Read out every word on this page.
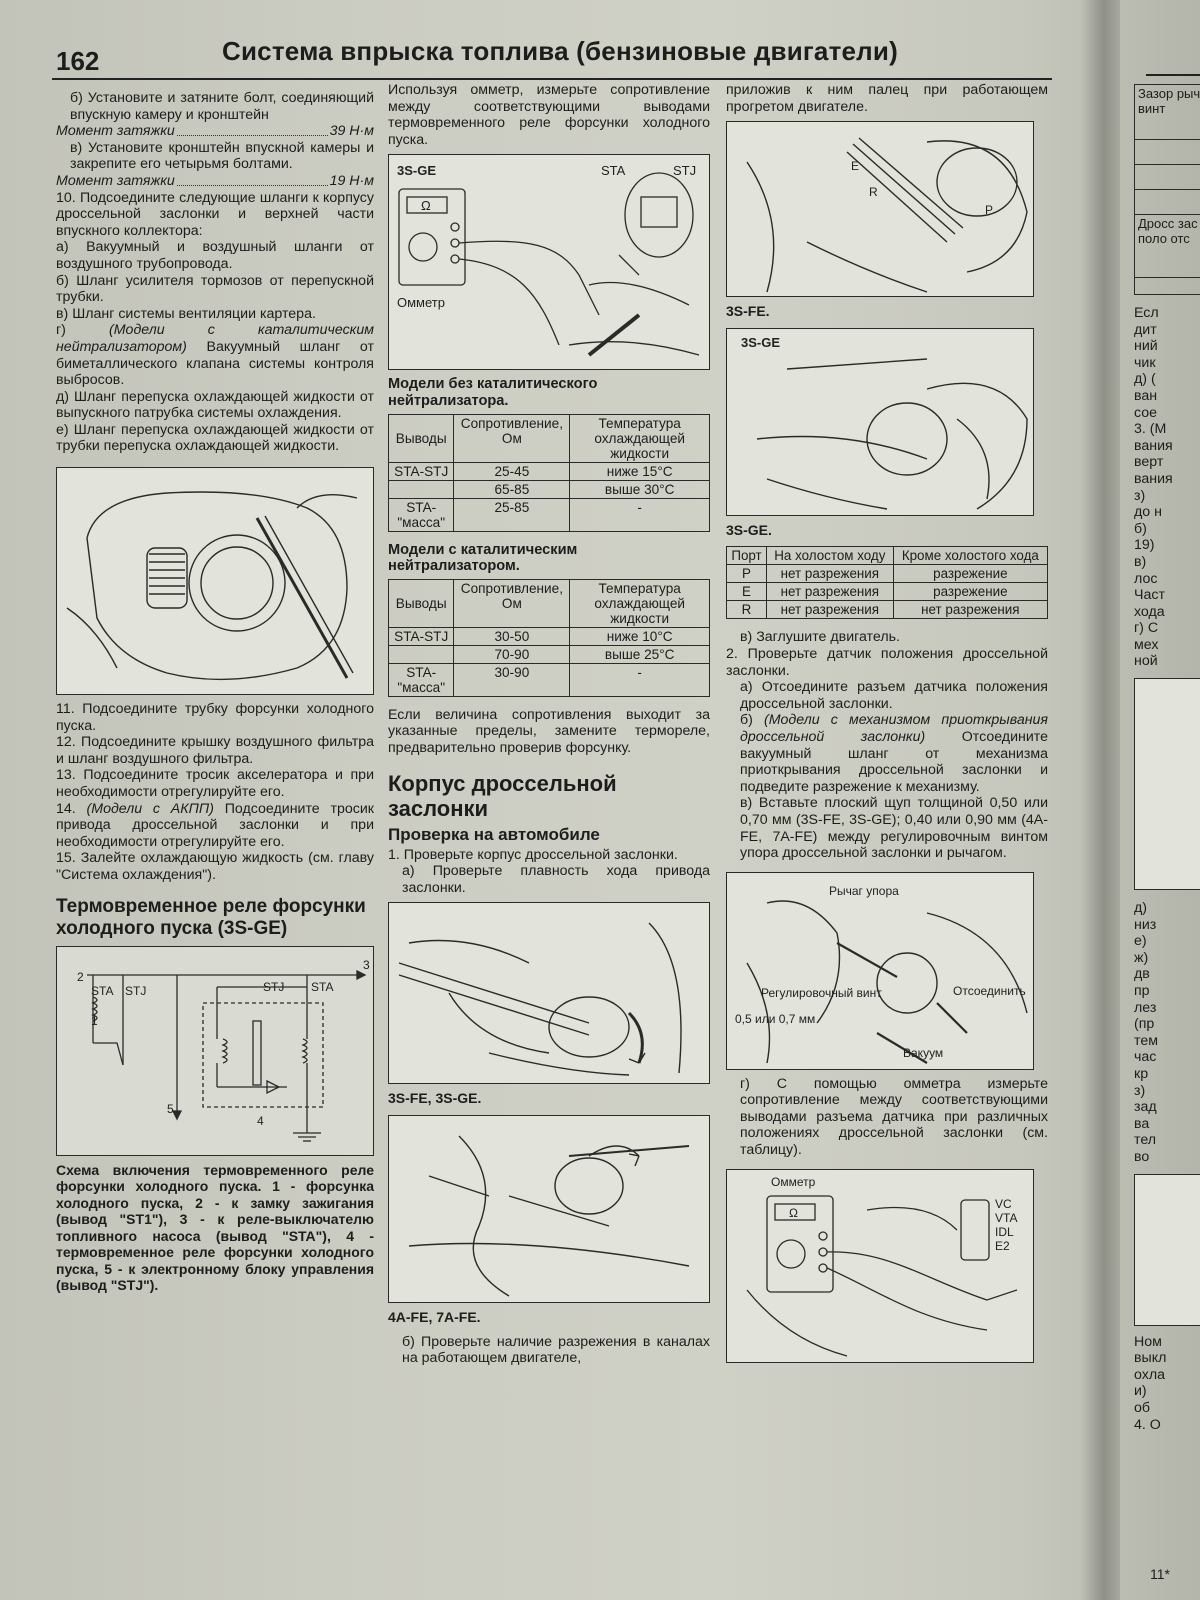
162	Система впрыска топлива (бензиновые двигатели)

б) Установите и затяните болт, соединяющий впускную камеру и кронштейн

Момент затяжки	39 Н·м

в) Установите кронштейн впускной камеры и закрепите его четырьмя болтами.

Момент затяжки	19 Н·м

10. Подсоедините следующие шланги к корпусу дроссельной заслонки и верхней части впускного коллектора:

а) Вакуумный и воздушный шланги от воздушного трубопровода.

б) Шланг усилителя тормозов от перепускной трубки.

в) Шланг системы вентиляции картера.

г) (Модели с каталитическим нейтрализатором) Вакуумный шланг от биметаллического клапана системы контроля выбросов.

д) Шланг перепуска охлаждающей жидкости от выпускного патрубка системы охлаждения.

е) Шланг перепуска охлаждающей жидкости от трубки перепуска охлаждающей жидкости.

11. Подсоедините трубку форсунки холодного пуска.

12. Подсоедините крышку воздушного фильтра и шланг воздушного фильтра.

13. Подсоедините тросик акселератора и при необходимости отрегулируйте его.

14. (Модели с АКПП) Подсоедините тросик привода дроссельной заслонки и при необходимости отрегулируйте его.

15. Залейте охлаждающую жидкость (см. главу "Система охлаждения").

Термовременное реле форсунки холодного пуска (3S-GE)
2
3
1
4
5
STA STJ	STJ STA

Схема включения термовременного реле форсунки холодного пуска. 1 - форсунка холодного пуска, 2 - к замку зажигания (вывод "ST1"), 3 - к реле-выключателю топливного насоса (вывод "STA"), 4 - термовременное реле форсунки холодного пуска, 5 - к электронному блоку управления (вывод "STJ").

Используя омметр, измерьте сопротивление между соответствующими выводами термовременного реле форсунки холодного пуска.

3S-GE	STA	STJ
Омметр
Ω
Модели без каталитического нейтрализатора.
Выводы	Сопротивление, Ом	Температура охлаждающей жидкости
STA-STJ	25-45	ниже 15°C
	65-85	выше 30°C
STA-"масса"	25-85	-
Модели с каталитическим нейтрализатором.
Выводы	Сопротивление, Ом	Температура охлаждающей жидкости
STA-STJ	30-50	ниже 10°C
	70-90	выше 25°C
STA-"масса"	30-90	-

Если величина сопротивления выходит за указанные пределы, замените термореле, предварительно проверив форсунку.

Корпус дроссельной заслонки
Проверка на автомобиле

1. Проверьте корпус дроссельной заслонки.

а) Проверьте плавность хода привода заслонки.

3S-FE, 3S-GE.
4A-FE, 7A-FE.

б) Проверьте наличие разрежения в каналах на работающем двигателе,

приложив к ним палец при работающем прогретом двигателе.

E
R
P
3S-FE.
3S-GE
3S-GE.
Порт	На холостом ходу	Кроме холостого хода
P	нет разрежения	разрежение
E	нет разрежения	разрежение
R	нет разрежения	нет разрежения

в) Заглушите двигатель.

2. Проверьте датчик положения дроссельной заслонки.

а) Отсоедините разъем датчика положения дроссельной заслонки.

б) (Модели с механизмом приоткрывания дроссельной заслонки) Отсоедините вакуумный шланг от механизма приоткрывания дроссельной заслонки и подведите разрежение к механизму.

в) Вставьте плоский щуп толщиной 0,50 или 0,70 мм (3S-FE, 3S-GE); 0,40 или 0,90 мм (4A-FE, 7A-FE) между регулировочным винтом упора дроссельной заслонки и рычагом.

Рычаг упора
Регулировочный винт
0,5 или 0,7 мм
Отсоединить
Вакуум

г) С помощью омметра измерьте сопротивление между соответствующими выводами разъема датчика при различных положениях дроссельной заслонки (см. таблицу).

Омметр
Ω
VC
VTA
IDL
E2
Зазор рыч винт

Дросс зас поло отс

Есл
дит
ний
чик
д) (
ван
сое
3. (М
вания
верт
вания
з)
до н
б)
19)
в)
лос
Част
хода
г) С
мех
ной
д)
низ
е)
ж)
дв
пр
лез
(пр
тем
час
кр
з)
зад
ва
тел
во
Ном
выкл
охла
и)
об
4. О
11*
